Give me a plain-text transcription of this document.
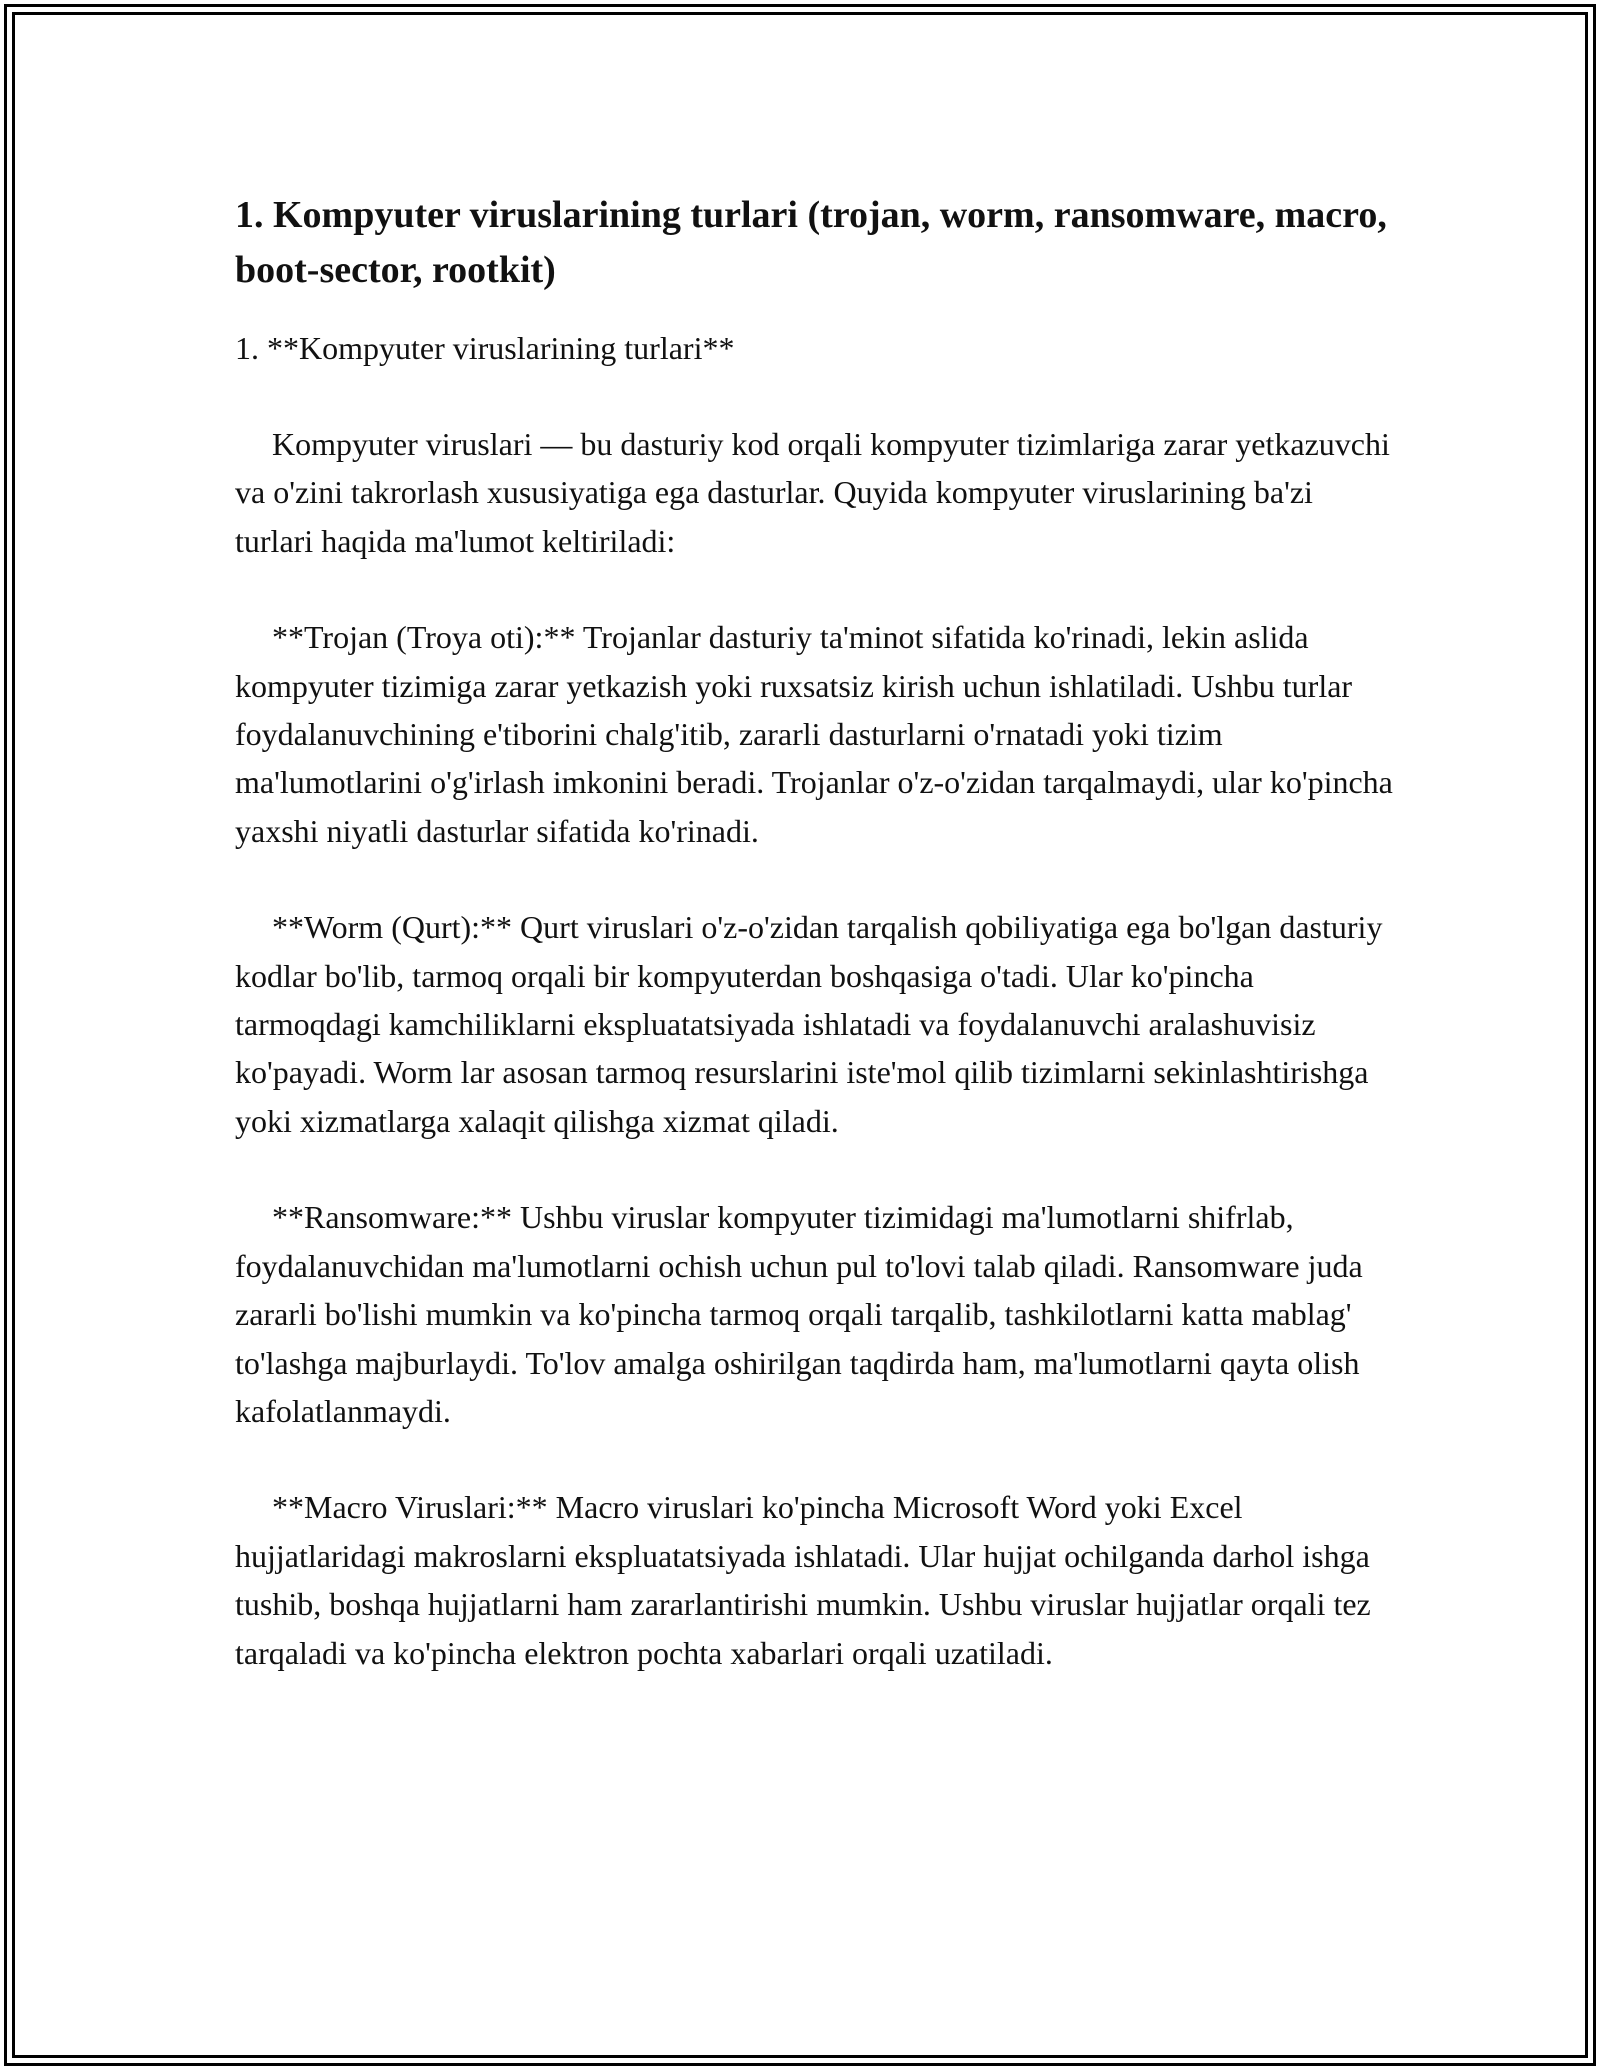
1. Kompyuter viruslarining turlari (trojan, worm, ransomware, macro, boot-sector, rootkit)
1. **Kompyuter viruslarining turlari**

Kompyuter viruslari — bu dasturiy kod orqali kompyuter tizimlariga zarar yetkazuvchi va o'zini takrorlash xususiyatiga ega dasturlar. Quyida kompyuter viruslarining ba'zi turlari haqida ma'lumot keltiriladi:

**Trojan (Troya oti):** Trojanlar dasturiy ta'minot sifatida ko'rinadi, lekin aslida kompyuter tizimiga zarar yetkazish yoki ruxsatsiz kirish uchun ishlatiladi. Ushbu turlar foydalanuvchining e'tiborini chalg'itib, zararli dasturlarni o'rnatadi yoki tizim ma'lumotlarini o'g'irlash imkonini beradi. Trojanlar o'z-o'zidan tarqalmaydi, ular ko'pincha yaxshi niyatli dasturlar sifatida ko'rinadi.

**Worm (Qurt):** Qurt viruslari o'z-o'zidan tarqalish qobiliyatiga ega bo'lgan dasturiy kodlar bo'lib, tarmoq orqali bir kompyuterdan boshqasiga o'tadi. Ular ko'pincha tarmoqdagi kamchiliklarni ekspluatatsiyada ishlatadi va foydalanuvchi aralashuvisiz ko'payadi. Worm lar asosan tarmoq resurslarini iste'mol qilib tizimlarni sekinlashtirishga yoki xizmatlarga xalaqit qilishga xizmat qiladi.

**Ransomware:** Ushbu viruslar kompyuter tizimidagi ma'lumotlarni shifrlab, foydalanuvchidan ma'lumotlarni ochish uchun pul to'lovi talab qiladi. Ransomware juda zararli bo'lishi mumkin va ko'pincha tarmoq orqali tarqalib, tashkilotlarni katta mablag' to'lashga majburlaydi. To'lov amalga oshirilgan taqdirda ham, ma'lumotlarni qayta olish kafolatlanmaydi.

**Macro Viruslari:** Macro viruslari ko'pincha Microsoft Word yoki Excel hujjatlaridagi makroslarni ekspluatatsiyada ishlatadi. Ular hujjat ochilganda darhol ishga tushib, boshqa hujjatlarni ham zararlantirishi mumkin. Ushbu viruslar hujjatlar orqali tez tarqaladi va ko'pincha elektron pochta xabarlari orqali uzatiladi.
